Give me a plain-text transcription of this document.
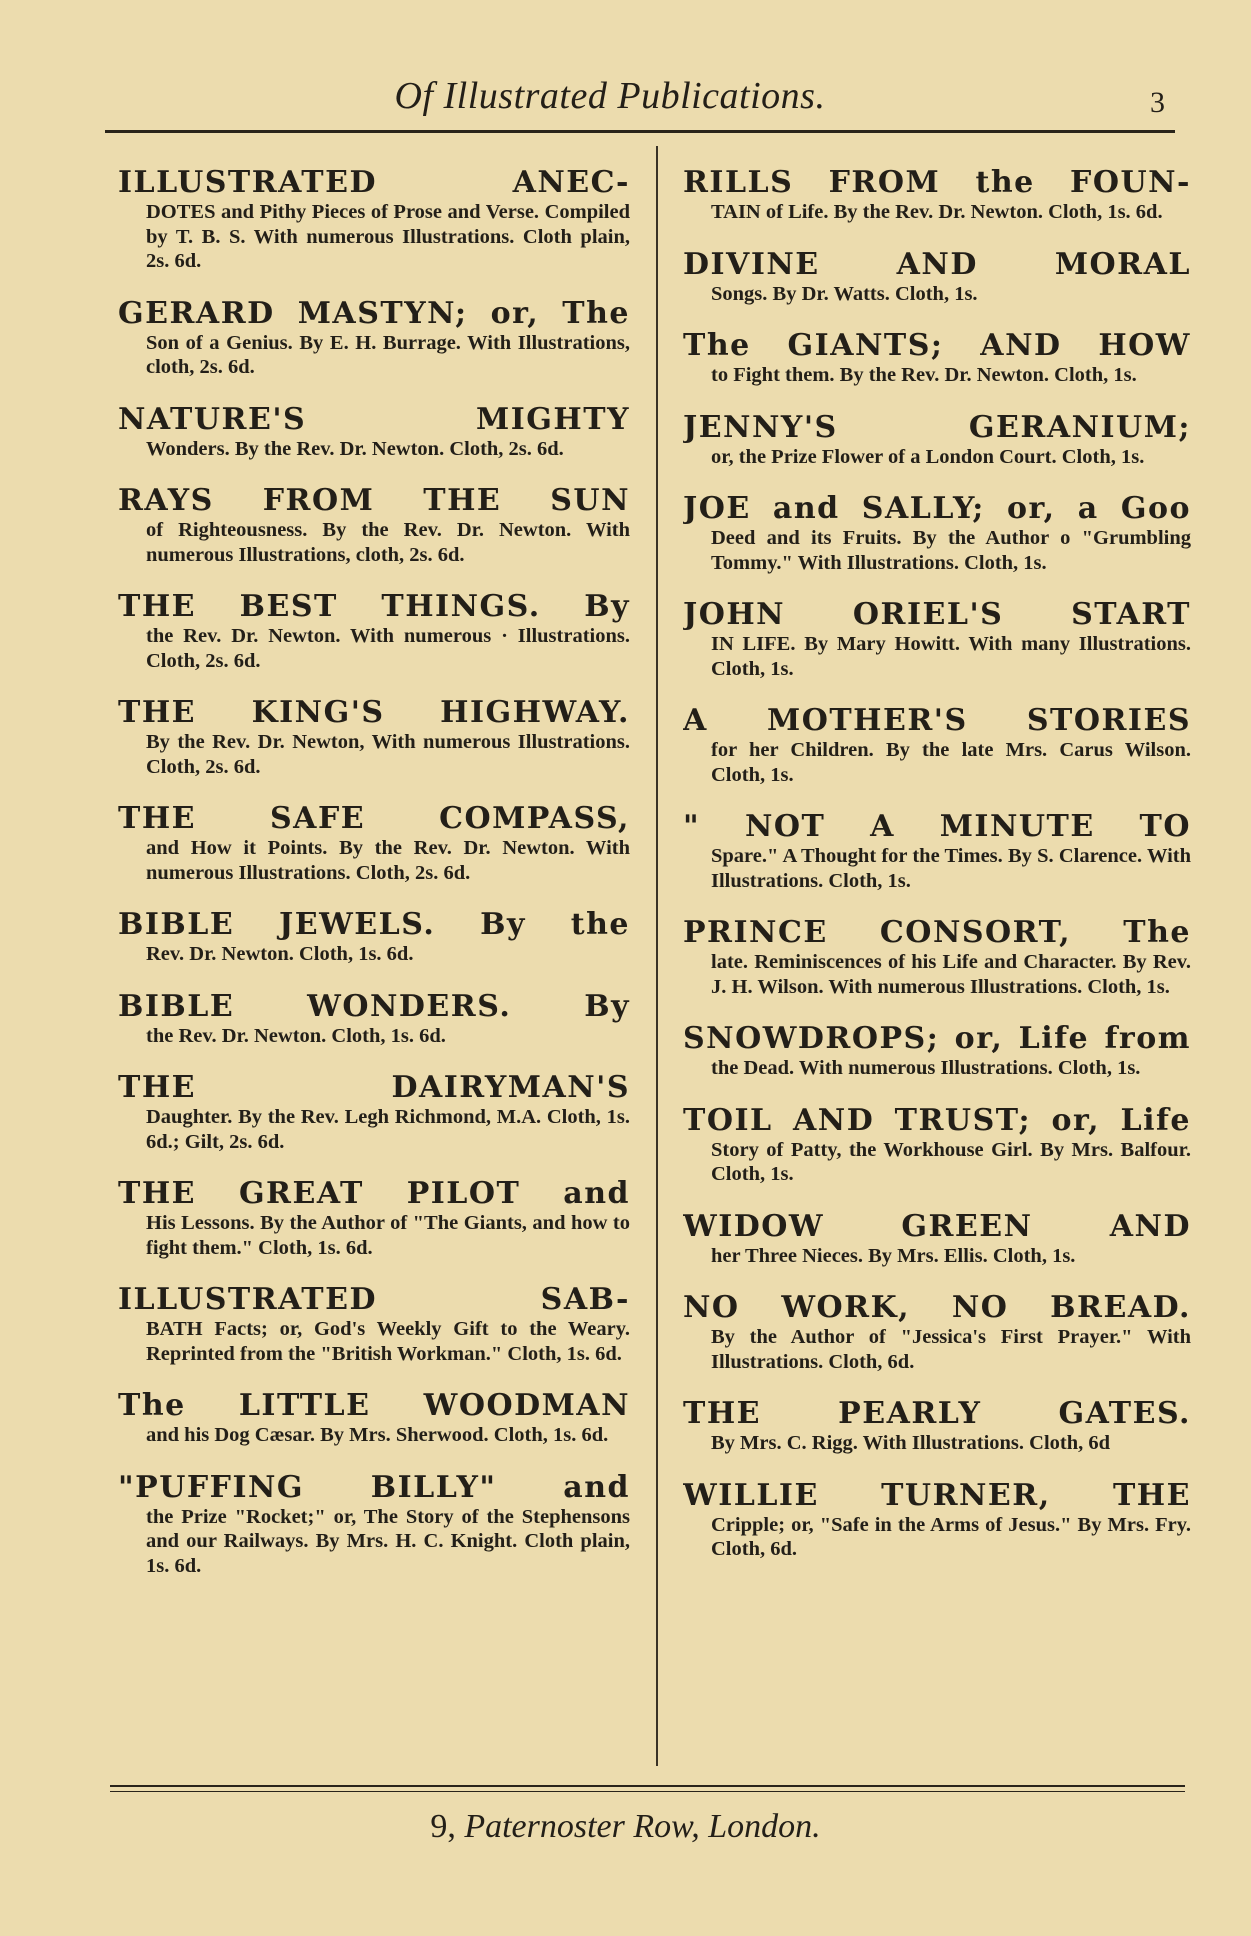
Of Illustrated Publications.	3
ILLUSTRATED ANEC-
DOTES and Pithy Pieces of Prose and Verse. Compiled by T. B. S. With numerous Illustrations. Cloth plain, 2s. 6d.
GERARD MASTYN; or, The
Son of a Genius. By E. H. Burrage. With Illustrations, cloth, 2s. 6d.
NATURE'S MIGHTY
Wonders. By the Rev. Dr. Newton. Cloth, 2s. 6d.
RAYS FROM THE SUN
of Righteousness. By the Rev. Dr. Newton. With numerous Illustrations, cloth, 2s. 6d.
THE BEST THINGS. By
the Rev. Dr. Newton. With numerous · Illustrations. Cloth, 2s. 6d.
THE KING'S HIGHWAY.
By the Rev. Dr. Newton, With numerous Illustrations. Cloth, 2s. 6d.
THE SAFE COMPASS,
and How it Points. By the Rev. Dr. Newton. With numerous Illustrations. Cloth, 2s. 6d.
BIBLE JEWELS. By the
Rev. Dr. Newton. Cloth, 1s. 6d.
BIBLE WONDERS. By
the Rev. Dr. Newton. Cloth, 1s. 6d.
THE DAIRYMAN'S
Daughter. By the Rev. Legh Richmond, M.A. Cloth, 1s. 6d.; Gilt, 2s. 6d.
THE GREAT PILOT and
His Lessons. By the Author of "The Giants, and how to fight them." Cloth, 1s. 6d.
ILLUSTRATED SAB-
BATH Facts; or, God's Weekly Gift to the Weary. Reprinted from the "British Workman." Cloth, 1s. 6d.
The LITTLE WOODMAN
and his Dog Cæsar. By Mrs. Sherwood. Cloth, 1s. 6d.
"PUFFING BILLY" and
the Prize "Rocket;" or, The Story of the Stephensons and our Railways. By Mrs. H. C. Knight. Cloth plain, 1s. 6d.
RILLS FROM the FOUN-
TAIN of Life. By the Rev. Dr. Newton. Cloth, 1s. 6d.
DIVINE AND MORAL
Songs. By Dr. Watts. Cloth, 1s.
The GIANTS; AND HOW
to Fight them. By the Rev. Dr. Newton. Cloth, 1s.
JENNY'S GERANIUM;
or, the Prize Flower of a London Court. Cloth, 1s.
JOE and SALLY; or, a Goo
Deed and its Fruits. By the Author o "Grumbling Tommy." With Illustrations. Cloth, 1s.
JOHN ORIEL'S START
IN LIFE. By Mary Howitt. With many Illustrations. Cloth, 1s.
A MOTHER'S STORIES
for her Children. By the late Mrs. Carus Wilson. Cloth, 1s.
" NOT A MINUTE TO
Spare." A Thought for the Times. By S. Clarence. With Illustrations. Cloth, 1s.
PRINCE CONSORT, The
late. Reminiscences of his Life and Character. By Rev. J. H. Wilson. With numerous Illustrations. Cloth, 1s.
SNOWDROPS; or, Life from
the Dead. With numerous Illustrations. Cloth, 1s.
TOIL AND TRUST; or, Life
Story of Patty, the Workhouse Girl. By Mrs. Balfour. Cloth, 1s.
WIDOW GREEN AND
her Three Nieces. By Mrs. Ellis. Cloth, 1s.
NO WORK, NO BREAD.
By the Author of "Jessica's First Prayer." With Illustrations. Cloth, 6d.
THE PEARLY GATES.
By Mrs. C. Rigg. With Illustrations. Cloth, 6d
WILLIE TURNER, THE
Cripple; or, "Safe in the Arms of Jesus." By Mrs. Fry. Cloth, 6d.
9, Paternoster Row, London.
